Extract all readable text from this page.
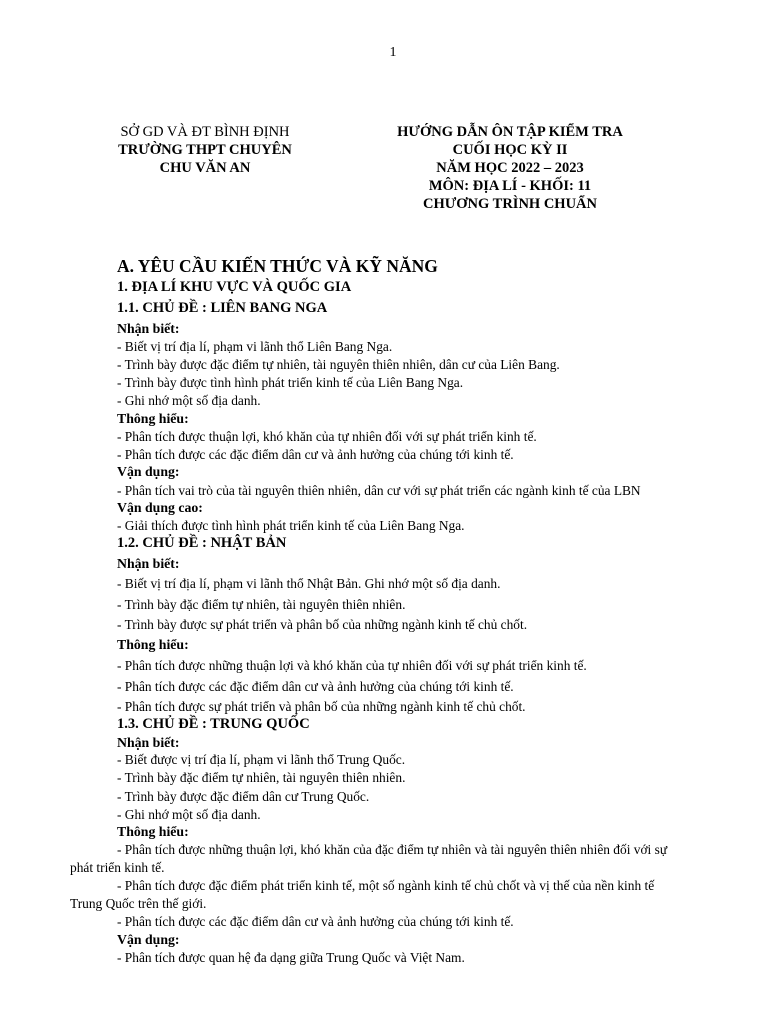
1
SỞ GD VÀ ĐT BÌNH ĐỊNH
TRƯỜNG THPT CHUYÊN
CHU VĂN AN
HƯỚNG DẪN ÔN TẬP KIỂM TRA
CUỐI HỌC KỲ II
NĂM HỌC 2022 – 2023
MÔN: ĐỊA LÍ - KHỐI: 11
CHƯƠNG TRÌNH CHUẨN
A. YÊU CẦU KIẾN THỨC VÀ KỸ NĂNG
1. ĐỊA LÍ KHU VỰC VÀ QUỐC GIA
1.1. CHỦ ĐỀ : LIÊN BANG NGA
Nhận biết:
- Biết vị trí địa lí, phạm vi lãnh thổ Liên Bang Nga.
- Trình bày được đặc điểm tự nhiên, tài nguyên thiên nhiên, dân cư của Liên Bang.
- Trình bày được tình hình phát triển kinh tế của Liên Bang Nga.
- Ghi nhớ một số địa danh.
Thông hiểu:
- Phân tích được thuận lợi, khó khăn của tự nhiên đối với sự phát triển kinh tế.
- Phân tích được các đặc điểm dân cư và ảnh hưởng của chúng tới kinh tế.
Vận dụng:
- Phân tích vai trò của tài nguyên thiên nhiên, dân cư với sự phát triển các ngành kinh tế của LBN
Vận dụng cao:
- Giải thích được tình hình phát triển kinh tế của Liên Bang Nga.
1.2. CHỦ ĐỀ : NHẬT BẢN
Nhận biết:
- Biết vị trí địa lí, phạm vi lãnh thổ Nhật Bản. Ghi nhớ một số địa danh.
- Trình bày đặc điểm tự nhiên, tài nguyên thiên nhiên.
- Trình bày được sự phát triển và phân bố của những ngành kinh tế chủ chốt.
Thông hiểu:
- Phân tích được những thuận lợi và khó khăn của tự nhiên đối với sự phát triển kinh tế.
- Phân tích được các đặc điểm dân cư và ảnh hưởng của chúng tới kinh tế.
- Phân tích được sự phát triển và phân bố của những ngành kinh tế chủ chốt.
1.3. CHỦ ĐỀ : TRUNG QUỐC
Nhận biết:
- Biết được vị trí địa lí, phạm vi lãnh thổ Trung Quốc.
- Trình bày đặc điểm tự nhiên, tài nguyên thiên nhiên.
- Trình bày được đặc điểm dân cư Trung Quốc.
- Ghi nhớ một số địa danh.
Thông hiểu:
- Phân tích được những thuận lợi, khó khăn của đặc điểm tự nhiên và tài nguyên thiên nhiên đối với sự
phát triển kinh tế.
- Phân tích được đặc điểm phát triển kinh tế, một số ngành kinh tế chủ chốt và vị thế của nền kinh tế
Trung Quốc trên thế giới.
- Phân tích được các đặc điểm dân cư và ảnh hưởng của chúng tới kinh tế.
Vận dụng:
- Phân tích được quan hệ đa dạng giữa Trung Quốc và Việt Nam.
